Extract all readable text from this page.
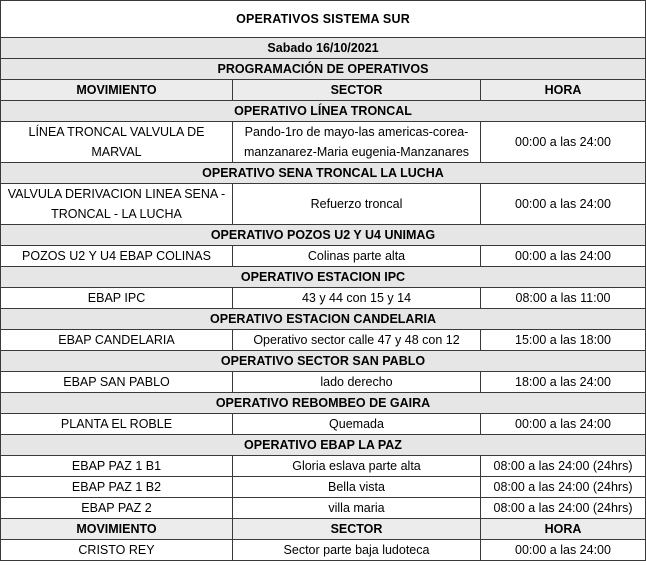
OPERATIVOS SISTEMA SUR		
Sabado 16/10/2021		
PROGRAMACIÓN DE OPERATIVOS		
MOVIMIENTO	SECTOR	HORA
OPERATIVO LÍNEA TRONCAL		
LÍNEA TRONCAL VALVULA DE MARVAL	Pando-1ro de mayo-las americas-corea-manzanarez-Maria eugenia-Manzanares	00:00 a las 24:00
OPERATIVO SENA TRONCAL LA LUCHA		
VALVULA DERIVACION LINEA SENA - TRONCAL - LA LUCHA	Refuerzo troncal	00:00 a las 24:00
OPERATIVO POZOS U2 Y U4 UNIMAG		
POZOS U2 Y U4 EBAP COLINAS	Colinas parte alta	00:00 a las 24:00
OPERATIVO ESTACION IPC		
EBAP IPC	43 y 44 con 15 y 14	08:00 a las 11:00
OPERATIVO ESTACION CANDELARIA		
EBAP CANDELARIA	Operativo sector calle 47 y 48 con 12	15:00 a las 18:00
OPERATIVO SECTOR SAN PABLO		
EBAP SAN PABLO	lado derecho	18:00 a las 24:00
OPERATIVO REBOMBEO DE GAIRA		
PLANTA EL ROBLE	Quemada	00:00 a las 24:00
OPERATIVO EBAP LA PAZ		
EBAP PAZ 1 B1	Gloria eslava parte alta	08:00 a las 24:00 (24hrs)
EBAP PAZ 1 B2	Bella vista	08:00 a las 24:00 (24hrs)
EBAP PAZ 2	villa maria	08:00 a las 24:00 (24hrs)
MOVIMIENTO	SECTOR	HORA
CRISTO REY	Sector parte baja ludoteca	00:00 a las 24:00
